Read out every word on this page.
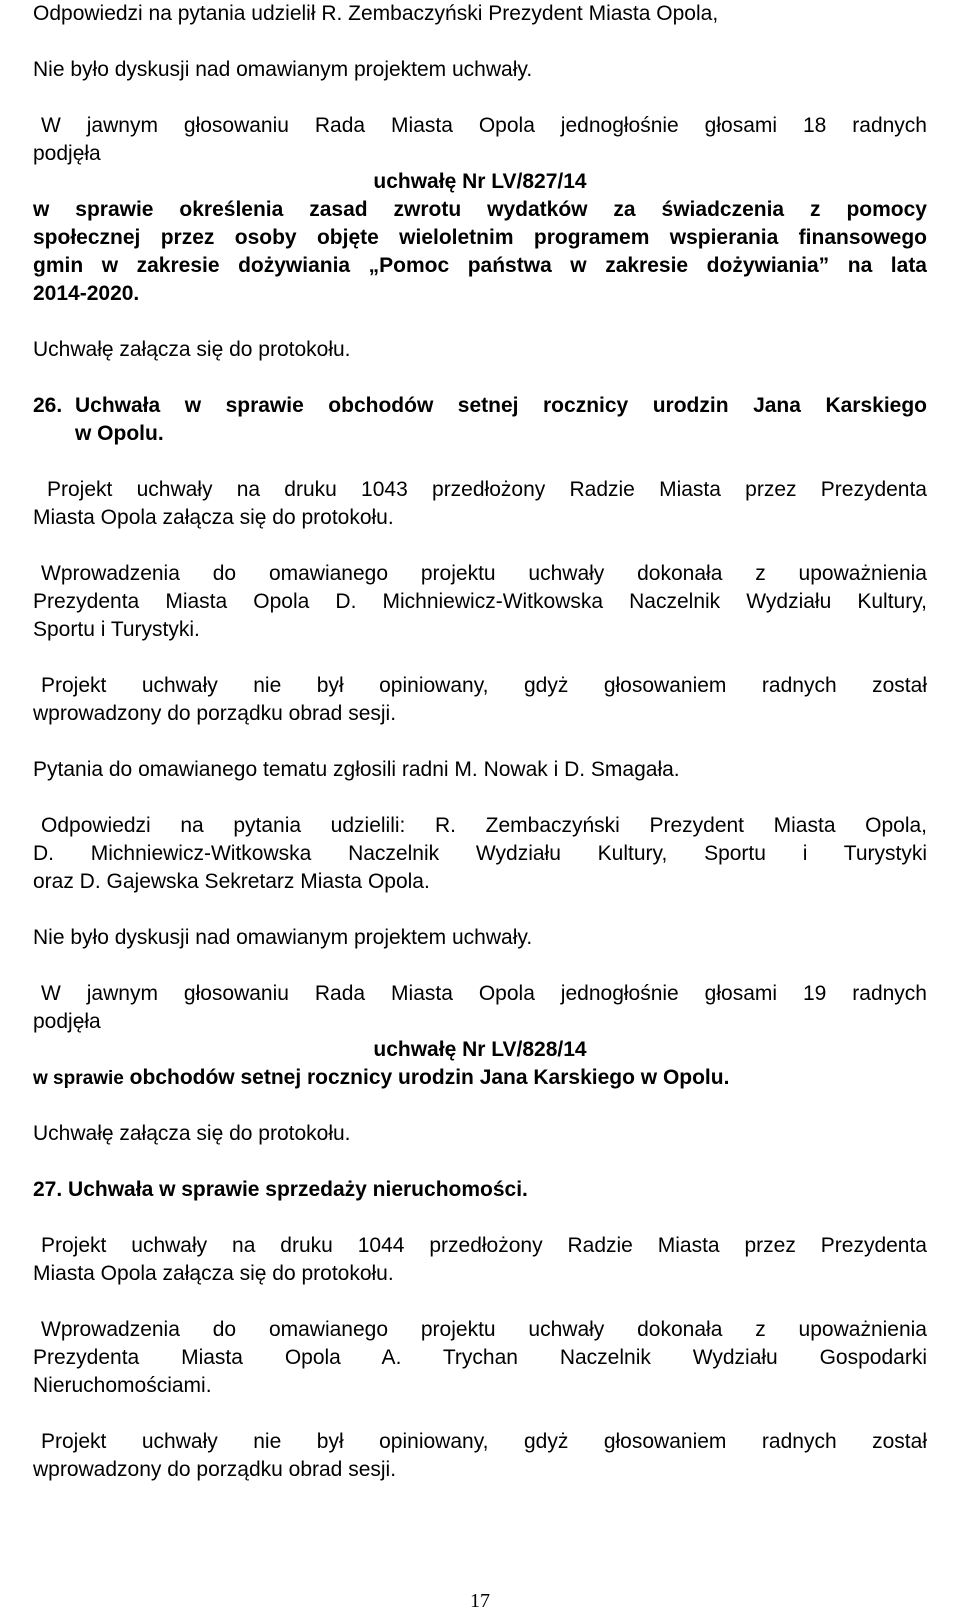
Odpowiedzi na pytania udzielił R. Zembaczyński Prezydent Miasta Opola,
Nie było dyskusji nad omawianym projektem uchwały.
W jawnym głosowaniu Rada Miasta Opola jednogłośnie głosami 18 radnych
podjęła
uchwałę Nr LV/827/14
w sprawie określenia zasad zwrotu wydatków za świadczenia z pomocy
społecznej przez osoby objęte wieloletnim programem wspierania finansowego
gmin w zakresie dożywiania „Pomoc państwa w zakresie dożywiania” na lata
2014-2020.
Uchwałę załącza się do protokołu.
26. Uchwała w sprawie obchodów setnej rocznicy urodzin Jana Karskiego
w Opolu.
Projekt uchwały na druku 1043 przedłożony Radzie Miasta przez Prezydenta
Miasta Opola załącza się do protokołu.
Wprowadzenia do omawianego projektu uchwały dokonała z upoważnienia
Prezydenta Miasta Opola D. Michniewicz-Witkowska Naczelnik Wydziału Kultury,
Sportu i Turystyki.
Projekt uchwały nie był opiniowany, gdyż głosowaniem radnych został
wprowadzony do porządku obrad sesji.
Pytania do omawianego tematu zgłosili radni M. Nowak i D. Smagała.
Odpowiedzi na pytania udzielili: R. Zembaczyński Prezydent Miasta Opola,
D. Michniewicz-Witkowska Naczelnik Wydziału Kultury, Sportu i Turystyki
oraz D. Gajewska Sekretarz Miasta Opola.
Nie było dyskusji nad omawianym projektem uchwały.
W jawnym głosowaniu Rada Miasta Opola jednogłośnie głosami 19 radnych
podjęła
uchwałę Nr LV/828/14
w sprawie obchodów setnej rocznicy urodzin Jana Karskiego w Opolu.
Uchwałę załącza się do protokołu.
27. Uchwała w sprawie sprzedaży nieruchomości.
Projekt uchwały na druku 1044 przedłożony Radzie Miasta przez Prezydenta
Miasta Opola załącza się do protokołu.
Wprowadzenia do omawianego projektu uchwały dokonała z upoważnienia
Prezydenta Miasta Opola A. Trychan Naczelnik Wydziału Gospodarki
Nieruchomościami.
Projekt uchwały nie był opiniowany, gdyż głosowaniem radnych został
wprowadzony do porządku obrad sesji.
17
